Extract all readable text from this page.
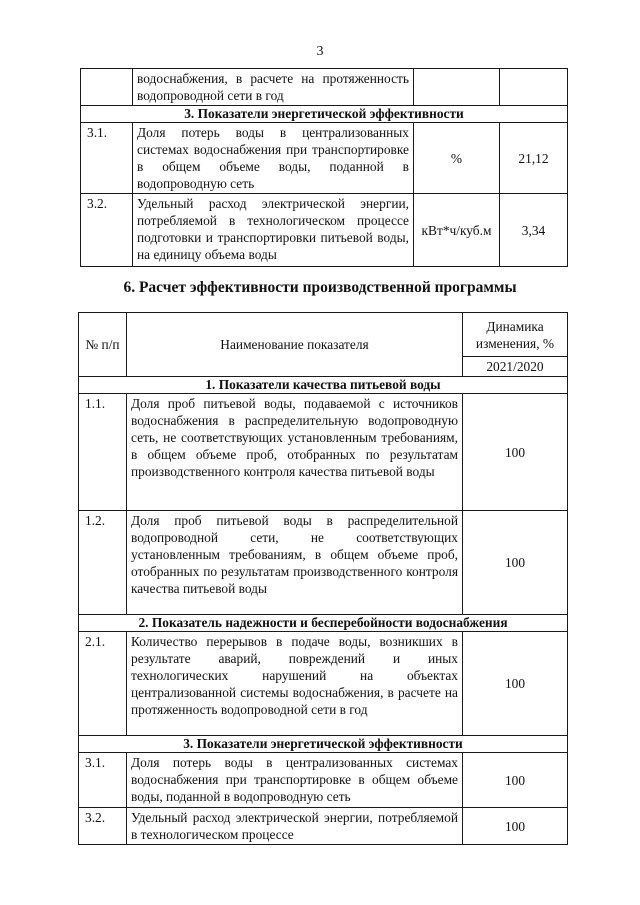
3
	водоснабжения, в расчете на протяженность водопроводной сети в год		
3. Показатели энергетической эффективности			
3.1.	Доля потерь воды в централизованных системах водоснабжения при транспортировке в общем объеме воды, поданной в водопроводную сеть	%	21,12
3.2.	Удельный расход электрической энергии, потребляемой в технологическом процессе подготовки и транспортировки питьевой воды, на единицу объема воды	кВт*ч/куб.м	3,34
6. Расчет эффективности производственной программы
№ п/п	Наименование показателя	Динамика изменения, %
		2021/2020
1. Показатели качества питьевой воды		
1.1.	Доля проб питьевой воды, подаваемой с источников водоснабжения в распределительную водопроводную сеть, не соответствующих установленным требованиям, в общем объеме проб, отобранных по результатам производственного контроля качества питьевой воды	100
1.2.	Доля проб питьевой воды в распределительной водопроводной сети, не соответствующих установленным требованиям, в общем объеме проб, отобранных по результатам производственного контроля качества питьевой воды	100
2. Показатель надежности и бесперебойности водоснабжения		
2.1.	Количество перерывов в подаче воды, возникших в результате аварий, повреждений и иных технологических нарушений на объектах централизованной системы водоснабжения, в расчете на протяженность водопроводной сети в год	100
3. Показатели энергетической эффективности		
3.1.	Доля потерь воды в централизованных системах водоснабжения при транспортировке в общем объеме воды, поданной в водопроводную сеть	100
3.2.	Удельный расход электрической энергии, потребляемой в технологическом процессе	100
